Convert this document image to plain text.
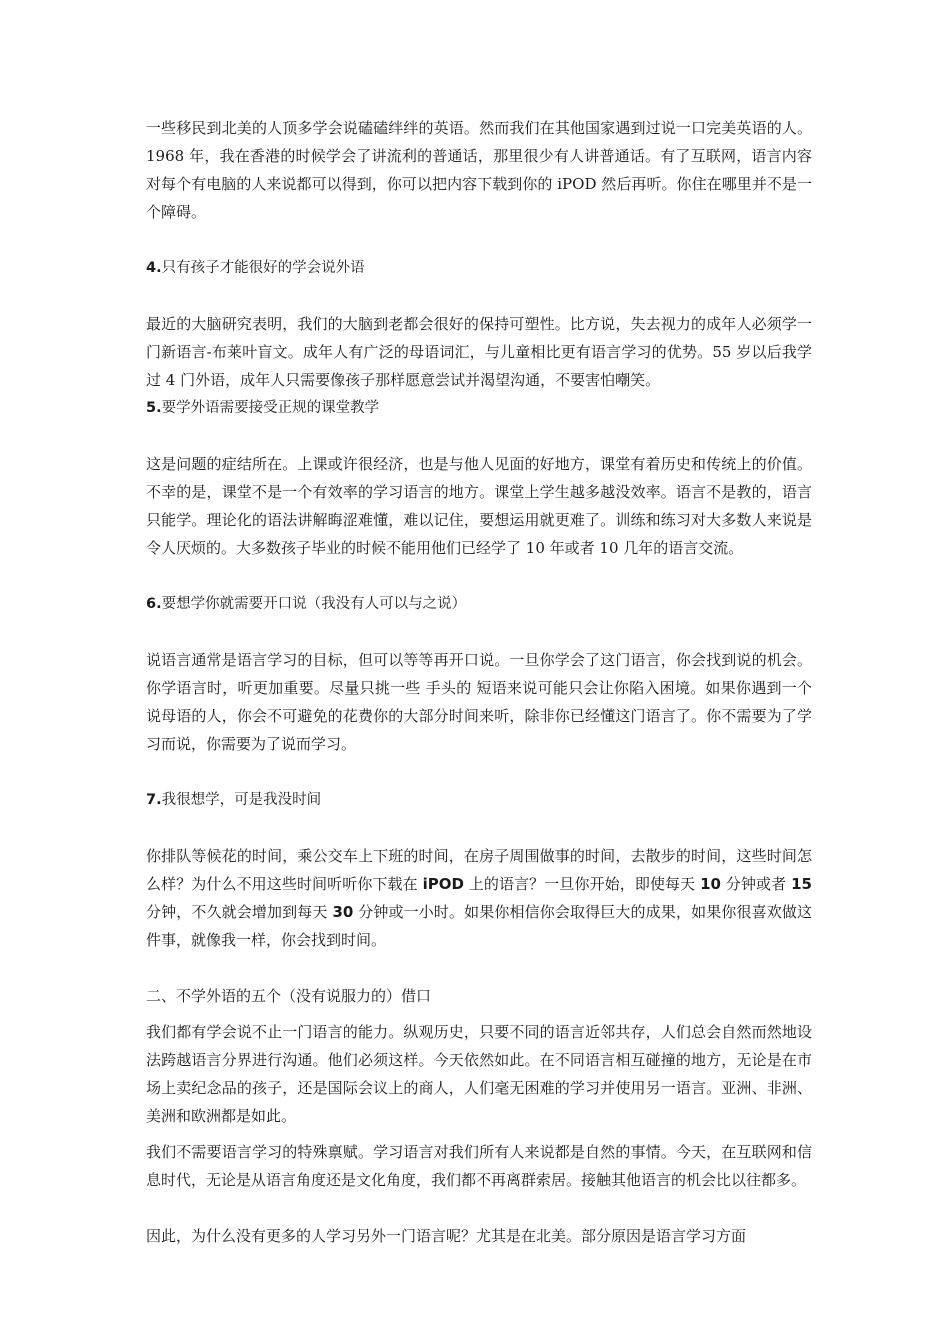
一些移民到北美的人顶多学会说磕磕绊绊的英语。然而我们在其他国家遇到过说一口完美英语的人。1968 年，我在香港的时候学会了讲流利的普通话，那里很少有人讲普通话。有了互联网，语言内容对每个有电脑的人来说都可以得到，你可以把内容下载到你的 iPOD 然后再听。你住在哪里并不是一个障碍。

4.只有孩子才能很好的学会说外语

最近的大脑研究表明，我们的大脑到老都会很好的保持可塑性。比方说，失去视力的成年人必须学一门新语言-布莱叶盲文。成年人有广泛的母语词汇，与儿童相比更有语言学习的优势。55 岁以后我学过 4 门外语，成年人只需要像孩子那样愿意尝试并渴望沟通，不要害怕嘲笑。

5.要学外语需要接受正规的课堂教学

这是问题的症结所在。上课或许很经济，也是与他人见面的好地方，课堂有着历史和传统上的价值。不幸的是，课堂不是一个有效率的学习语言的地方。课堂上学生越多越没效率。语言不是教的，语言只能学。理论化的语法讲解晦涩难懂，难以记住，要想运用就更难了。训练和练习对大多数人来说是令人厌烦的。大多数孩子毕业的时候不能用他们已经学了 10 年或者 10 几年的语言交流。

6.要想学你就需要开口说（我没有人可以与之说）

说语言通常是语言学习的目标，但可以等等再开口说。一旦你学会了这门语言，你会找到说的机会。你学语言时，听更加重要。尽量只挑一些 手头的 短语来说可能只会让你陷入困境。如果你遇到一个说母语的人，你会不可避免的花费你的大部分时间来听，除非你已经懂这门语言了。你不需要为了学习而说，你需要为了说而学习。

7.我很想学，可是我没时间

你排队等候花的时间，乘公交车上下班的时间，在房子周围做事的时间，去散步的时间，这些时间怎么样？为什么不用这些时间听听你下载在 iPOD 上的语言？一旦你开始，即使每天 10 分钟或者 15 分钟，不久就会增加到每天 30 分钟或一小时。如果你相信你会取得巨大的成果，如果你很喜欢做这件事，就像我一样，你会找到时间。

二、不学外语的五个（没有说服力的）借口

我们都有学会说不止一门语言的能力。纵观历史，只要不同的语言近邻共存，人们总会自然而然地设法跨越语言分界进行沟通。他们必须这样。今天依然如此。在不同语言相互碰撞的地方，无论是在市场上卖纪念品的孩子，还是国际会议上的商人，人们毫无困难的学习并使用另一语言。亚洲、非洲、美洲和欧洲都是如此。

我们不需要语言学习的特殊禀赋。学习语言对我们所有人来说都是自然的事情。今天，在互联网和信息时代，无论是从语言角度还是文化角度，我们都不再离群索居。接触其他语言的机会比以往都多。

因此，为什么没有更多的人学习另外一门语言呢？尤其是在北美。部分原因是语言学习方面
